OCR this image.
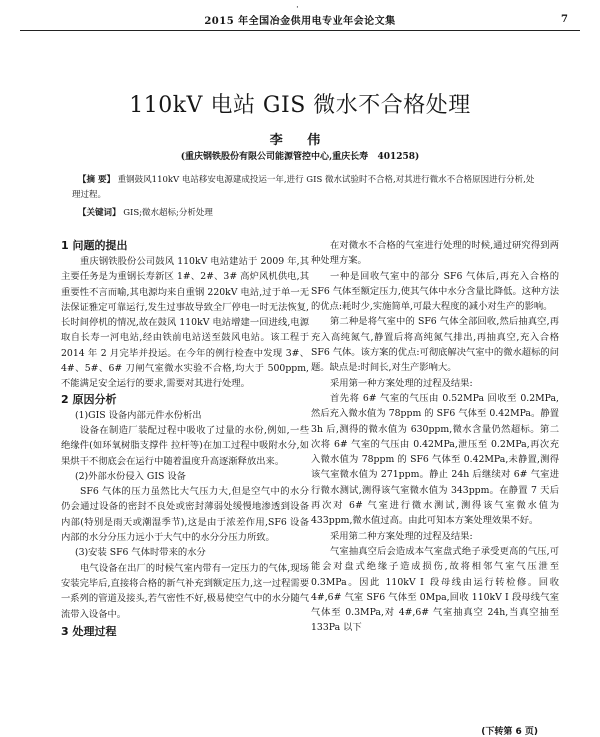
·
2015 年全国冶金供用电专业年会论文集	7
110kV 电站 GIS 微水不合格处理
李 伟
(重庆钢铁股份有限公司能源管控中心,重庆长寿   401258)
【摘 要】 重钢鼓风110kV 电站移安电源建成投运一年,进行 GIS 微水试验时不合格,对其进行微水不合格原因进行分析,处理过程。
【关键词】 GIS;微水超标;分析处理
1 问题的提出

重庆钢铁股份公司鼓风 110kV 电站建站于 2009 年,其主要任务是为重钢长寿新区 1#、2#、3# 高炉风机供电,其重要性不言而喻,其电源均来自重钢 220kV 电站,过于单一无法保证雅定可靠运行,发生过事故导致全厂停电一时无法恢复,长时间停机的情况,故在鼓风 110kV 电站增建一回进线,电源取自长寿一河电站,经由铁前电站送至鼓风电站。该工程于 2014 年 2 月完毕并投运。在今年的例行检查中发现 3#、4#、5#、6# 刀闸气室微水实验不合格,均大于 500ppm,不能满足安全运行的要求,需要对其进行处理。

2 原因分析
(1)GIS 设备内部元件水份析出

设备在制造厂装配过程中吸收了过量的水份,例如,一些绝缘件(如环氧树脂支撑件 拉杆等)在加工过程中吸附水分,如果烘干不彻底会在运行中随着温度升高逐渐释放出来。

(2)外部水份侵入 GIS 设备

SF6 气体的压力虽然比大气压力大,但是空气中的水分仍会通过设备的密封不良处或密封薄弱处缓慢地渗透到设备内部(特别是雨天或潮湿季节),这是由于浓差作用,SF6 设备内部的水分分压力远小于大气中的水分分压力所致。

(3)安装 SF6 气体时带来的水分

电气设备在出厂的时候气室内带有一定压力的气体,现场安装完毕后,直接将合格的新气补充到额定压力,这一过程需要一系列的管道及接头,若气密性不好,极易使空气中的水分随气流带入设备中。

3 处理过程

在对微水不合格的气室进行处理的时候,通过研究得到两种处理方案。

一种是回收气室中的部分 SF6 气体后,再充入合格的 SF6 气体至额定压力,使其气体中水分含量比降低。这种方法的优点:耗时少,实施简单,可最大程度的减小对生产的影响。

第二种是将气室中的 SF6 气体全部回收,然后抽真空,再充入高纯氮气,静置后将高纯氮气排出,再抽真空,充入合格 SF6 气体。该方案的优点:可彻底解决气室中的微水超标的问题。缺点是:时间长,对生产影响大。

采用第一种方案处理的过程及结果:

首先将 6# 气室的气压由 0.52MPa 回收至 0.2MPa,然后充入微水值为 78ppm 的 SF6 气体至 0.42MPa。静置 3h 后,测得的微水值为 630ppm,微水含量仍然超标。第二次将 6# 气室的气压由 0.42MPa,泄压至 0.2MPa,再次充入微水值为 78ppm 的 SF6 气体至 0.42MPa,未静置,测得该气室微水值为 271ppm。静止 24h 后继续对 6# 气室进行微水测试,测得该气室微水值为 343ppm。在静置 7 天后再次对 6# 气室进行微水测试,测得该气室微水值为 433ppm,微水值过高。由此可知本方案处理效果不好。

采用第二种方案处理的过程及结果:

气室抽真空后会造成本气室盘式绝子承受更高的气压,可能会对盘式绝缘子造成损伤,故将相邻气室气压泄至 0.3MPa。因此 110kV Ⅰ 段母线由运行转检修。回收 4#,6# 气室 SF6 气体至 0Mpa,回收 110kV Ⅰ 段母线气室气体至 0.3MPa,对 4#,6# 气室抽真空 24h,当真空抽至 133Pa 以下

(下转第 6 页)
